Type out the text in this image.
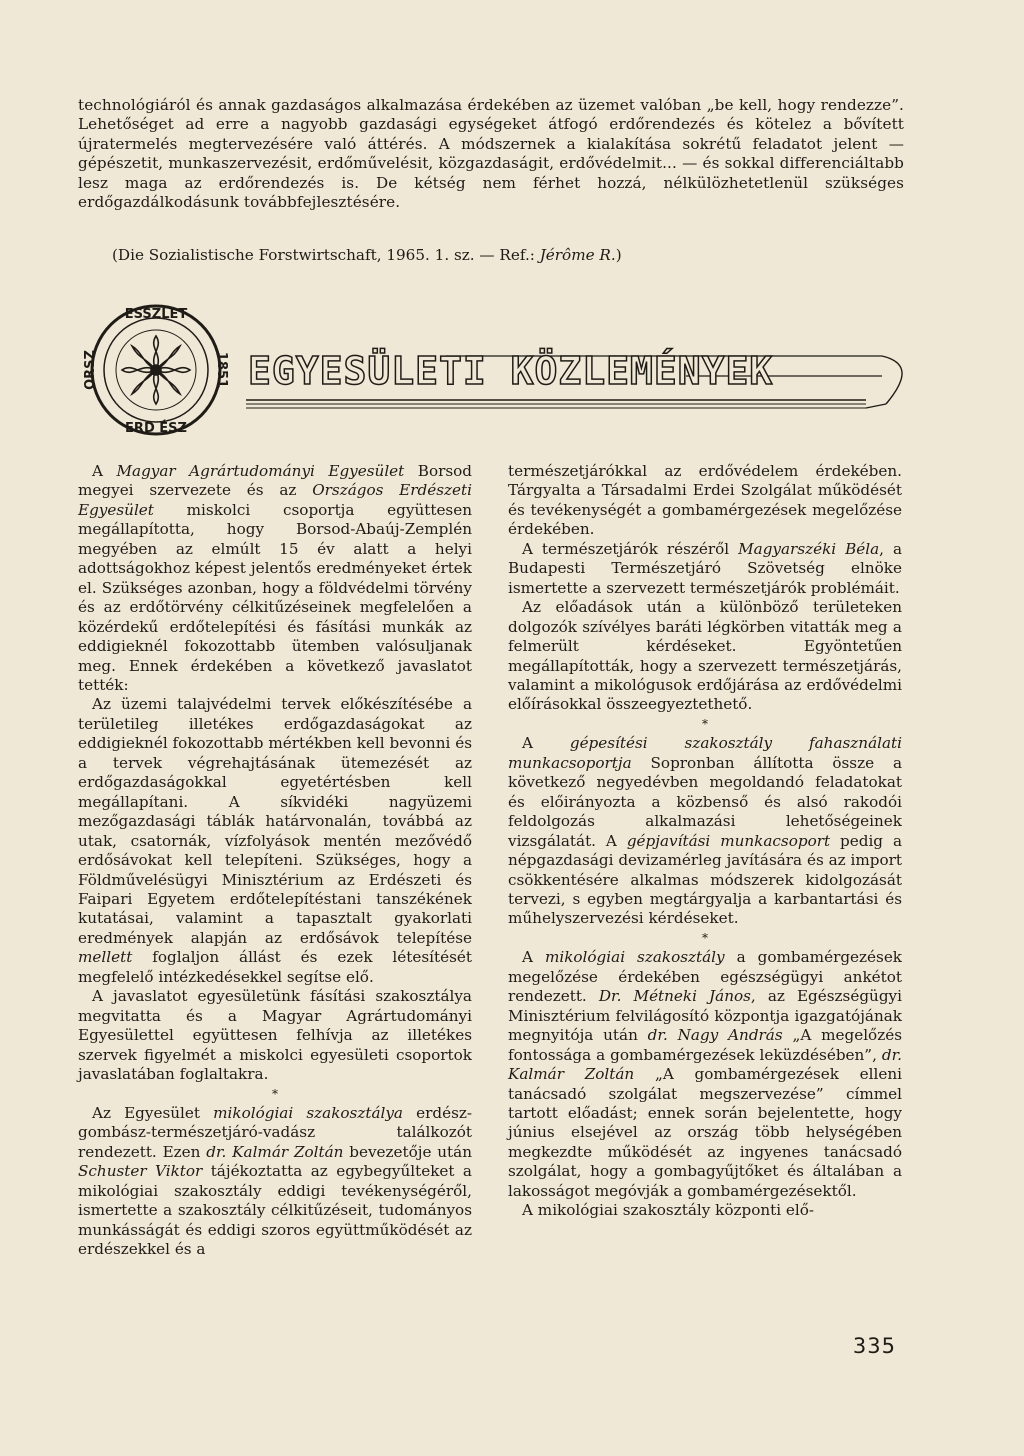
technológiáról és annak gazdaságos alkalmazása érdekében az üzemet valóban „be kell, hogy rendezze”. Lehetőséget ad erre a nagyobb gazdasági egységeket átfogó erdőrendezés és kötelez a bővített újratermelés megtervezésére való áttérés. A módszernek a kialakítása sokrétű feladatot jelent — gépészetit, munkaszervezésit, erdőművelésit, közgazdaságit, erdővédelmit... — és sokkal differenciáltabb lesz maga az erdőrendezés is. De kétség nem férhet hozzá, nélkülözhetetlenül szükséges erdőgazdálkodásunk továbbfejlesztésére.

(Die Sozialistische Forstwirtschaft, 1965. 1. sz. — Ref.: Jérôme R.)
ESSZLET
ERD ÉSZ
1851
ORSZ	EGYESÜLETI KÖZLEMÉNYEK

A Magyar Agrártudományi Egyesület Borsod megyei szervezete és az Országos Erdészeti Egyesület miskolci csoportja együttesen megállapította, hogy Borsod-Abaúj-Zemplén megyében az elmúlt 15 év alatt a helyi adottságokhoz képest jelentős eredményeket értek el. Szükséges azonban, hogy a földvédelmi törvény és az erdőtörvény célkitűzéseinek megfelelően a közérdekű erdőtelepítési és fásítási munkák az eddigieknél fokozottabb ütemben valósuljanak meg. Ennek érdekében a következő javaslatot tették:

Az üzemi talajvédelmi tervek előkészítésébe a területileg illetékes erdőgazdaságokat az eddigieknél fokozottabb mértékben kell bevonni és a tervek végrehajtásának ütemezését az erdőgazdaságokkal egyetértésben kell megállapítani. A síkvidéki nagyüzemi mezőgazdasági táblák határvonalán, továbbá az utak, csatornák, vízfolyások mentén mezővédő erdősávokat kell telepíteni. Szükséges, hogy a Földművelésügyi Minisztérium az Erdészeti és Faipari Egyetem erdőtelepítéstani tanszékének kutatásai, valamint a tapasztalt gyakorlati eredmények alapján az erdősávok telepítése mellett foglaljon állást és ezek létesítését megfelelő intézkedésekkel segítse elő.

A javaslatot egyesületünk fásítási szakosztálya megvitatta és a Magyar Agrártudományi Egyesülettel együttesen felhívja az illetékes szervek figyelmét a miskolci egyesületi csoportok javaslatában foglaltakra.

*

Az Egyesület mikológiai szakosztálya erdész-gombász-természetjáró-vadász találkozót rendezett. Ezen dr. Kalmár Zoltán bevezetője után Schuster Viktor tájékoztatta az egybegyűlteket a mikológiai szakosztály eddigi tevékenységéről, ismertette a szakosztály célkitűzéseit, tudományos munkásságát és eddigi szoros együttműködését az erdészekkel és a

természetjárókkal az erdővédelem érdekében. Tárgyalta a Társadalmi Erdei Szolgálat működését és tevékenységét a gombamérgezések megelőzése érdekében.

A természetjárók részéről Magyarszéki Béla, a Budapesti Természetjáró Szövetség elnöke ismertette a szervezett természetjárók problémáit.

Az előadások után a különböző területeken dolgozók szívélyes baráti légkörben vitatták meg a felmerült kérdéseket. Egyöntetűen megállapították, hogy a szervezett természetjárás, valamint a mikológusok erdőjárása az erdővédelmi előírásokkal összeegyeztethető.

*

A gépesítési szakosztály fahasználati munkacsoportja Sopronban állította össze a következő negyedévben megoldandó feladatokat és előirányozta a közbenső és alsó rakodói feldolgozás alkalmazási lehetőségeinek vizsgálatát. A gépjavítási munkacsoport pedig a népgazdasági devizamérleg javítására és az import csökkentésére alkalmas módszerek kidolgozását tervezi, s egyben megtárgyalja a karbantartási és műhelyszervezési kérdéseket.

*

A mikológiai szakosztály a gombamérgezések megelőzése érdekében egészségügyi ankétot rendezett. Dr. Métneki János, az Egészségügyi Minisztérium felvilágosító központja igazgatójának megnyitója után dr. Nagy András „A megelőzés fontossága a gombamérgezések leküzdésében”, dr. Kalmár Zoltán „A gombamérgezések elleni tanácsadó szolgálat megszervezése” címmel tartott előadást; ennek során bejelentette, hogy június elsejével az ország több helységében megkezdte működését az ingyenes tanácsadó szolgálat, hogy a gombagyűjtőket és általában a lakosságot megóvják a gombamérgezésektől.

A mikológiai szakosztály központi elő-

335
